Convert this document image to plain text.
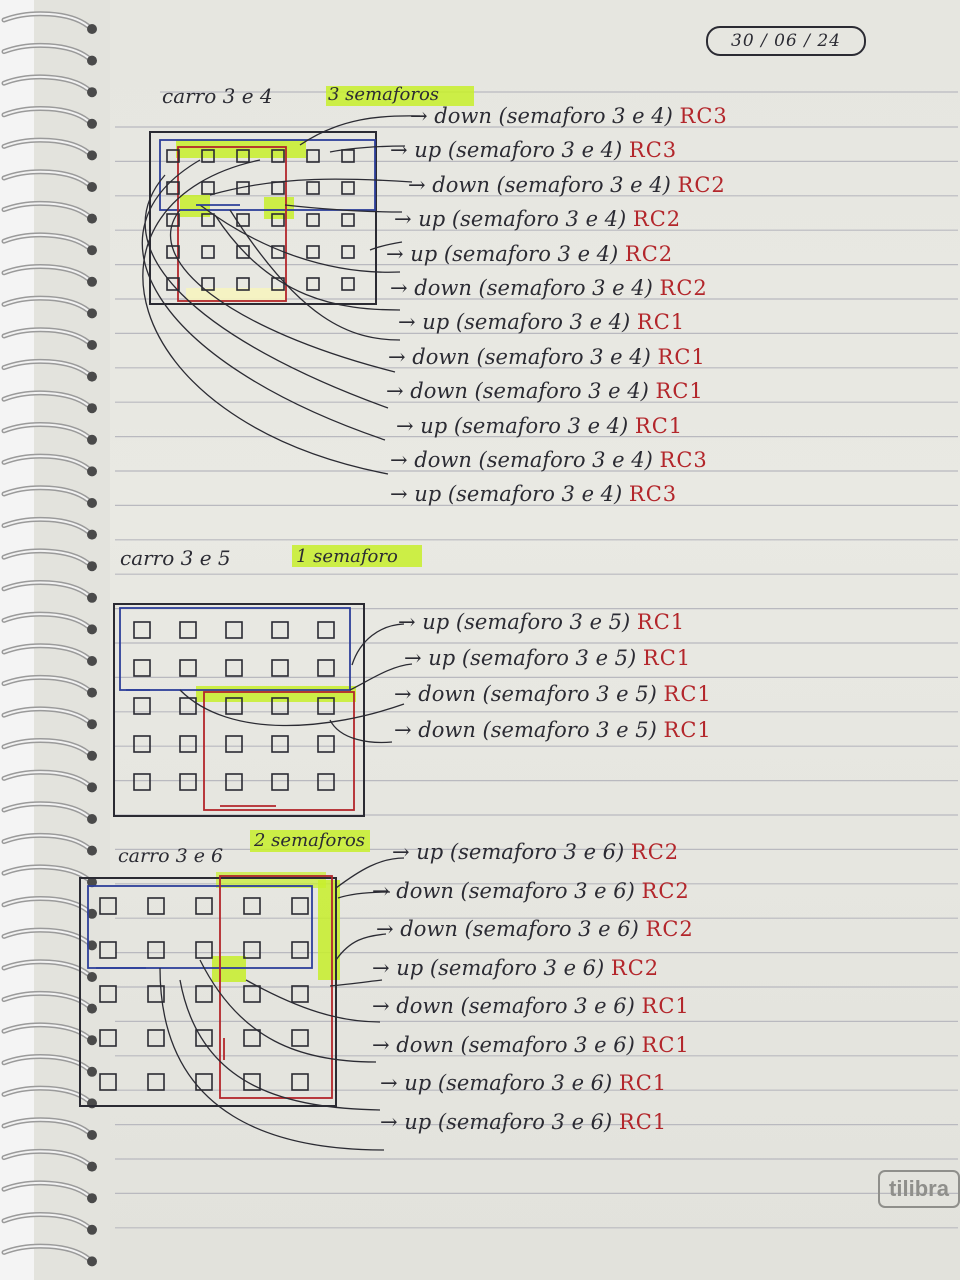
30 / 06 / 24
carro 3 e 4	3 semaforos
carro 3 e 5	1 semaforo
carro 3 e 6
2 semaforos
→ down (semaforo 3 e 4) RC3
→ up (semaforo 3 e 4) RC3
→ down (semaforo 3 e 4) RC2
→ up (semaforo 3 e 4) RC2
→ up (semaforo 3 e 4) RC2
→ down (semaforo 3 e 4) RC2
→ up (semaforo 3 e 4) RC1
→ down (semaforo 3 e 4) RC1
→ down (semaforo 3 e 4) RC1
→ up (semaforo 3 e 4) RC1
→ down (semaforo 3 e 4) RC3
→ up (semaforo 3 e 4) RC3
→ up (semaforo 3 e 5) RC1
→ up (semaforo 3 e 5) RC1
→ down (semaforo 3 e 5) RC1
→ down (semaforo 3 e 5) RC1
→ up (semaforo 3 e 6) RC2
→ down (semaforo 3 e 6) RC2
→ down (semaforo 3 e 6) RC2
→ up (semaforo 3 e 6) RC2
→ down (semaforo 3 e 6) RC1
→ down (semaforo 3 e 6) RC1
→ up (semaforo 3 e 6) RC1
→ up (semaforo 3 e 6) RC1
tilibra
